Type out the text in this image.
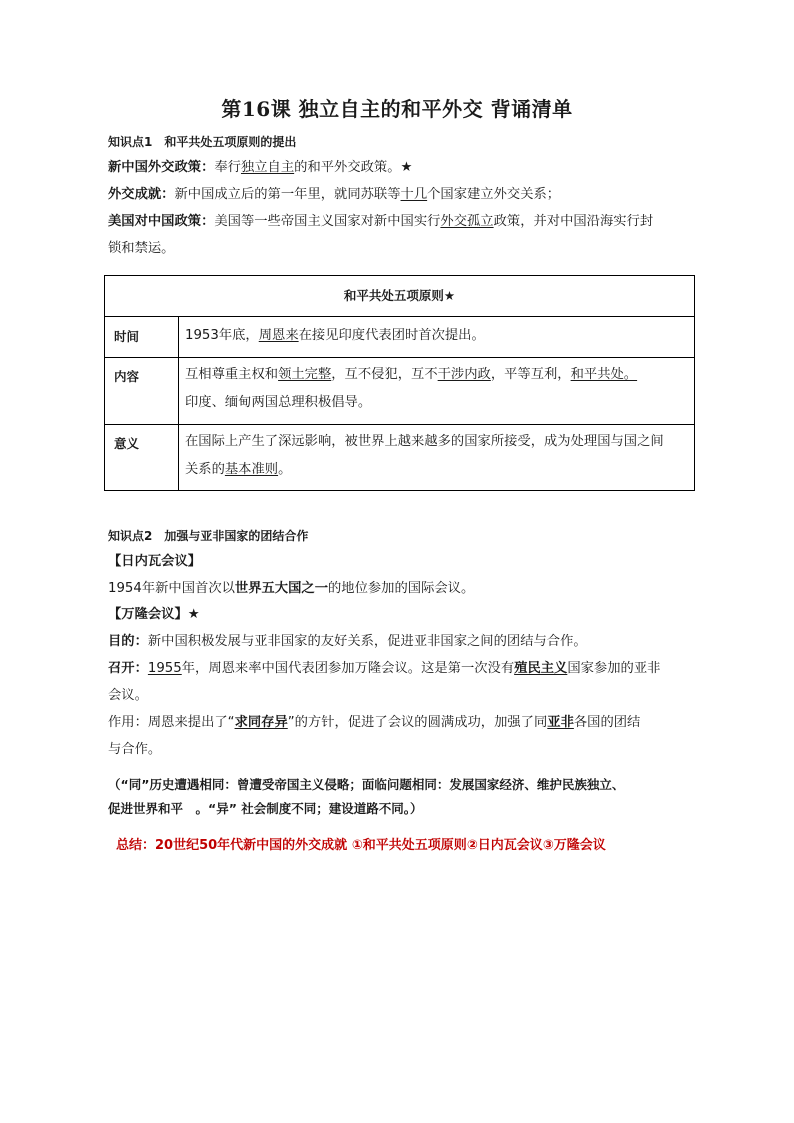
第16课 独立自主的和平外交 背诵清单
知识点1　和平共处五项原则的提出
新中国外交政策：奉行独立自主的和平外交政策。★
外交成就：新中国成立后的第一年里，就同苏联等十几个国家建立外交关系；
美国对中国政策：美国等一些帝国主义国家对新中国实行外交孤立政策，并对中国沿海实行封
锁和禁运。
和平共处五项原则★
时间	1953年底，周恩来在接见印度代表团时首次提出。
内容	互相尊重主权和领土完整，互不侵犯，互不干涉内政，平等互利，和平共处。
印度、缅甸两国总理积极倡导。
意义	在国际上产生了深远影响，被世界上越来越多的国家所接受，成为处理国与国之间
关系的基本准则。
知识点2　加强与亚非国家的团结合作
【日内瓦会议】
1954年新中国首次以世界五大国之一的地位参加的国际会议。
【万隆会议】★
目的：新中国积极发展与亚非国家的友好关系，促进亚非国家之间的团结与合作。
召开：1955年，周恩来率中国代表团参加万隆会议。这是第一次没有殖民主义国家参加的亚非
会议。
作用：周恩来提出了“求同存异”的方针，促进了会议的圆满成功，加强了同亚非各国的团结
与合作。
（“同”历史遭遇相同：曾遭受帝国主义侵略；面临问题相同：发展国家经济、维护民族独立、
促进世界和平　。“异” 社会制度不同；建设道路不同。）
总结：20世纪50年代新中国的外交成就 ①和平共处五项原则②日内瓦会议③万隆会议
